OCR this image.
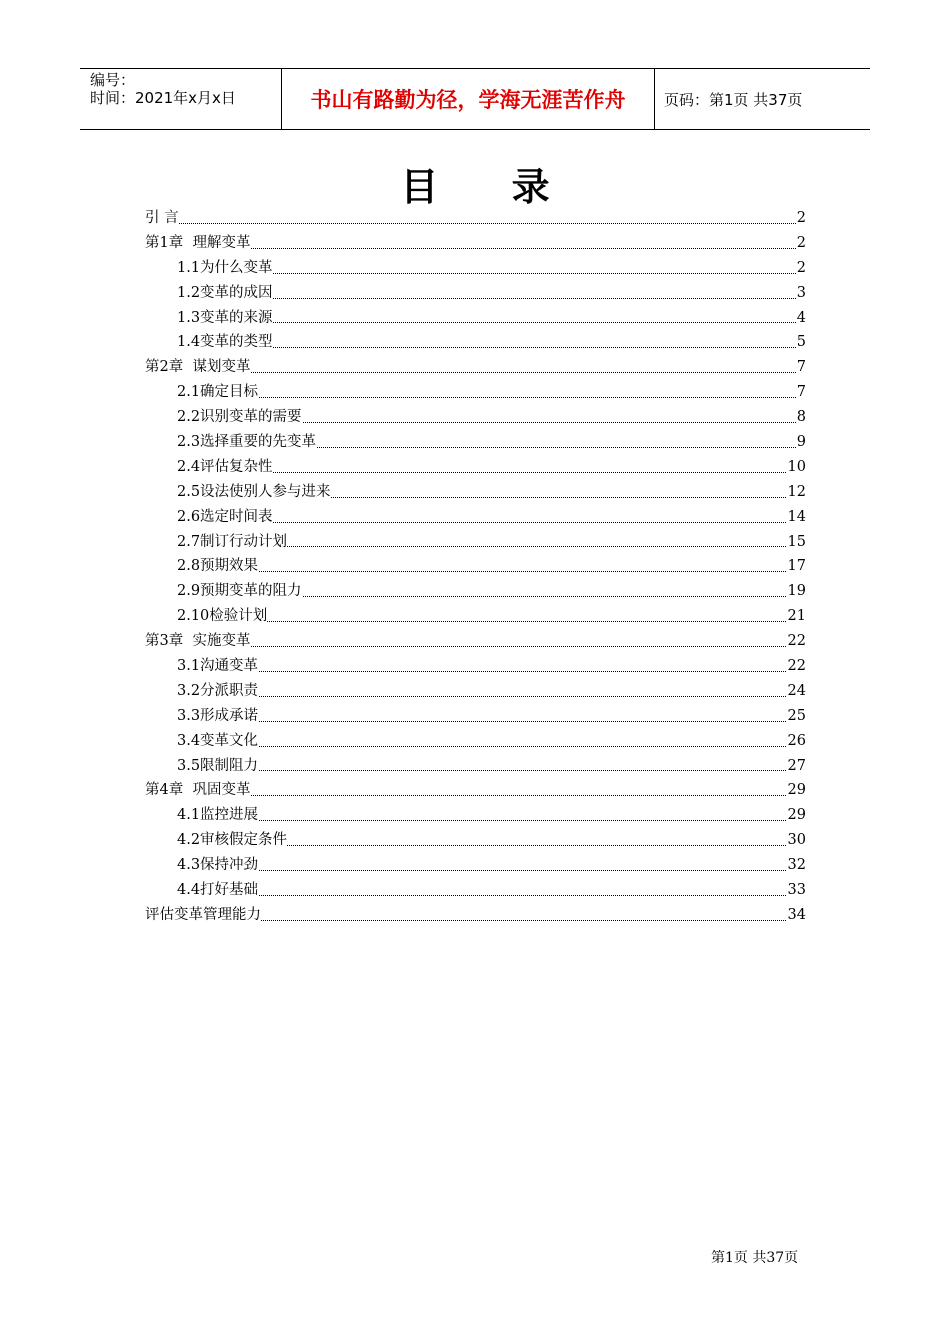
编号：
时间：2021年x月x日	书山有路勤为径，学海无涯苦作舟	页码：第1页 共37页
目 录
引 言	2
第1章  理解变革	2
1.1为什么变革	2
1.2变革的成因	3
1.3变革的来源	4
1.4变革的类型	5
第2章  谋划变革	7
2.1确定目标	7
2.2识别变革的需要	8
2.3选择重要的先变革	9
2.4评估复杂性	10
2.5设法使别人参与进来	12
2.6选定时间表	14
2.7制订行动计划	15
2.8预期效果	17
2.9预期变革的阻力	19
2.10检验计划	21
第3章  实施变革	22
3.1沟通变革	22
3.2分派职责	24
3.3形成承诺	25
3.4变革文化	26
3.5限制阻力	27
第4章  巩固变革	29
4.1监控进展	29
4.2审核假定条件	30
4.3保持冲劲	32
4.4打好基础	33
评估变革管理能力	34
第1页 共37页
